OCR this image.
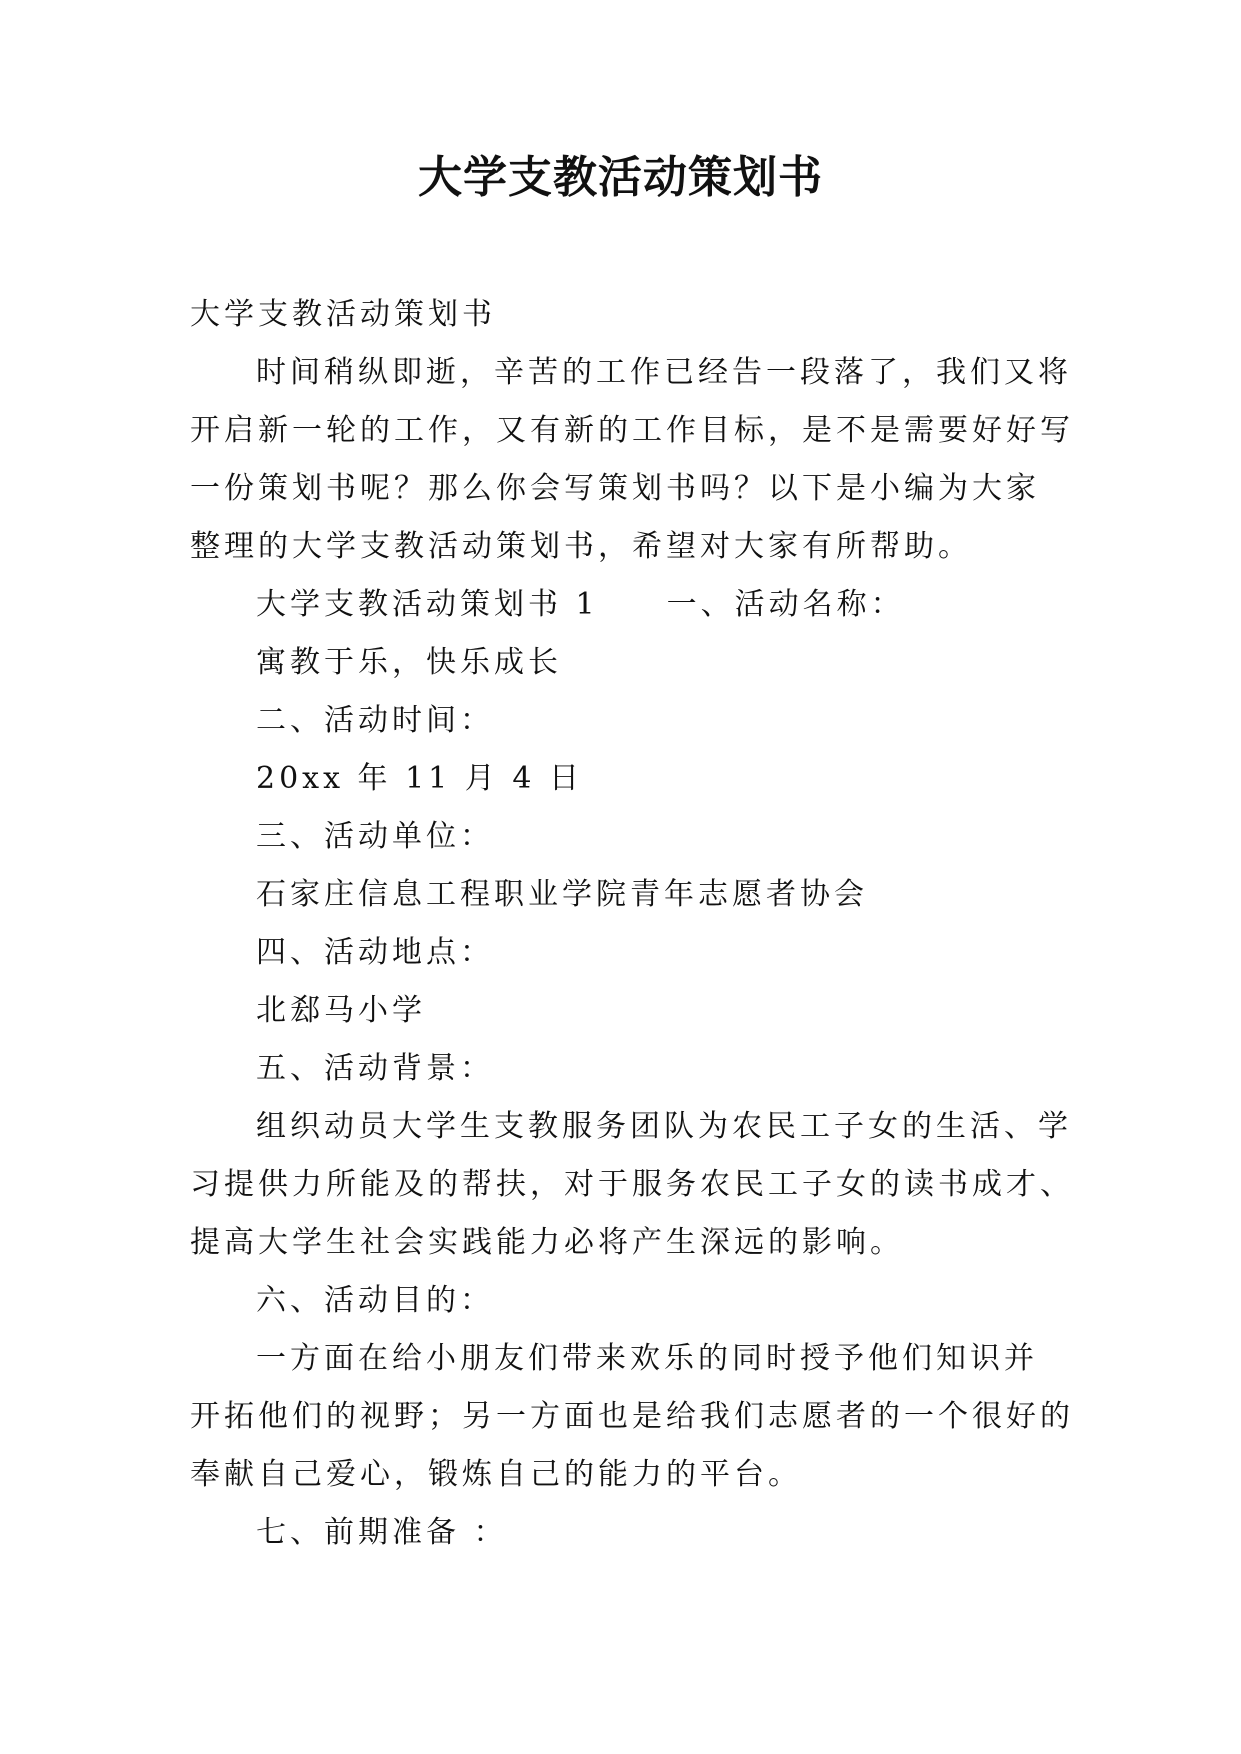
大学支教活动策划书
大学支教活动策划书
时间稍纵即逝，辛苦的工作已经告一段落了，我们又将
开启新一轮的工作，又有新的工作目标，是不是需要好好写
一份策划书呢？那么你会写策划书吗？以下是小编为大家
整理的大学支教活动策划书，希望对大家有所帮助。
大学支教活动策划书 1　　一、活动名称：
寓教于乐，快乐成长
二、活动时间：
20xx 年 11 月 4 日
三、活动单位：
石家庄信息工程职业学院青年志愿者协会
四、活动地点：
北郄马小学
五、活动背景：
组织动员大学生支教服务团队为农民工子女的生活、学
习提供力所能及的帮扶，对于服务农民工子女的读书成才、
提高大学生社会实践能力必将产生深远的影响。
六、活动目的：
一方面在给小朋友们带来欢乐的同时授予他们知识并
开拓他们的视野；另一方面也是给我们志愿者的一个很好的
奉献自己爱心，锻炼自己的能力的平台。
七、前期准备 ：
